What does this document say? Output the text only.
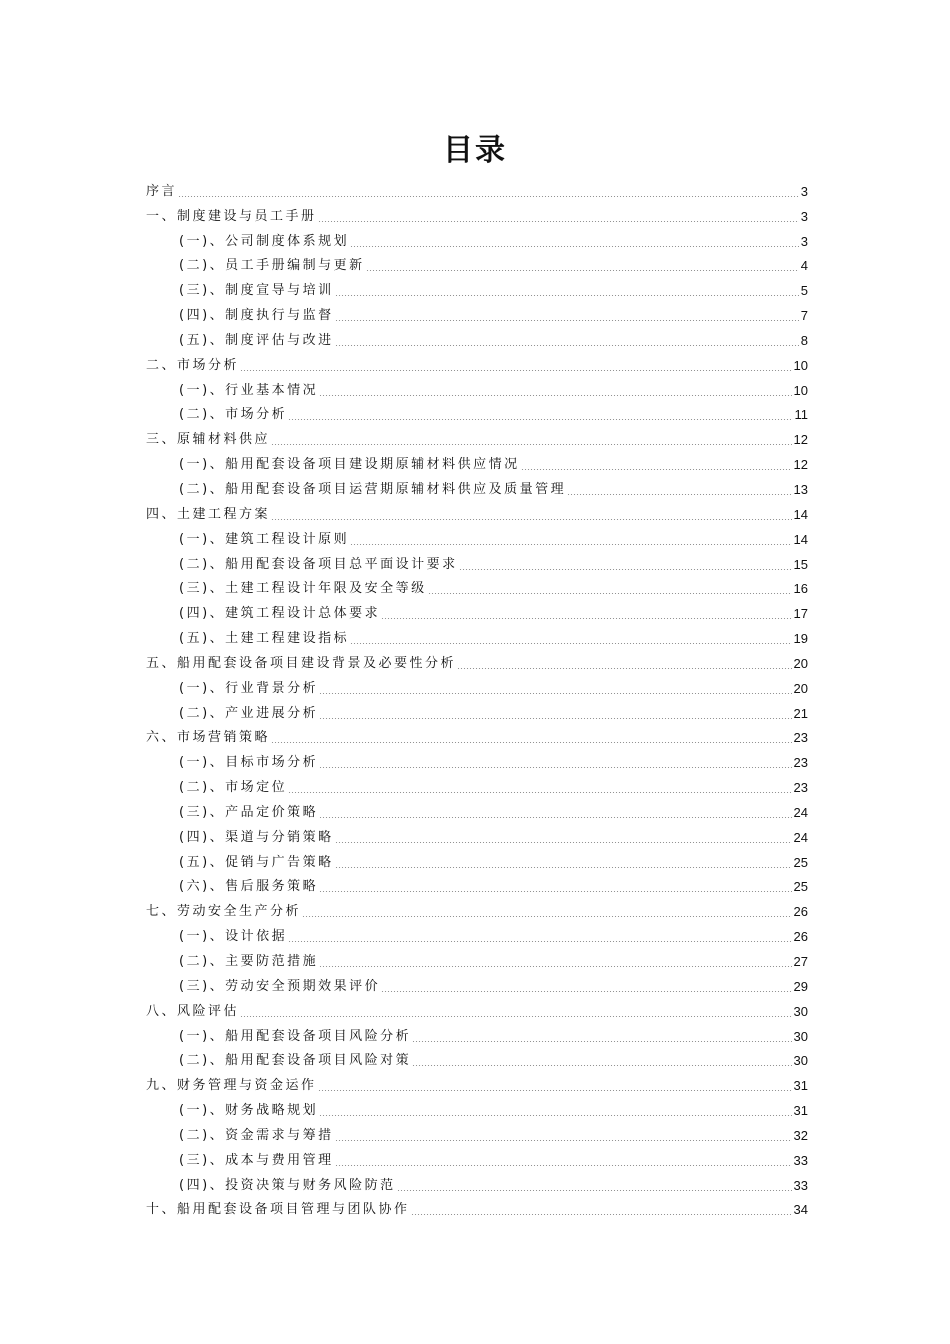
目录
序言	3
一、制度建设与员工手册	3
(一)、公司制度体系规划	3
(二)、员工手册编制与更新	4
(三)、制度宣导与培训	5
(四)、制度执行与监督	7
(五)、制度评估与改进	8
二、市场分析	10
(一)、行业基本情况	10
(二)、市场分析	11
三、原辅材料供应	12
(一)、船用配套设备项目建设期原辅材料供应情况	12
(二)、船用配套设备项目运营期原辅材料供应及质量管理	13
四、土建工程方案	14
(一)、建筑工程设计原则	14
(二)、船用配套设备项目总平面设计要求	15
(三)、土建工程设计年限及安全等级	16
(四)、建筑工程设计总体要求	17
(五)、土建工程建设指标	19
五、船用配套设备项目建设背景及必要性分析	20
(一)、行业背景分析	20
(二)、产业进展分析	21
六、市场营销策略	23
(一)、目标市场分析	23
(二)、市场定位	23
(三)、产品定价策略	24
(四)、渠道与分销策略	24
(五)、促销与广告策略	25
(六)、售后服务策略	25
七、劳动安全生产分析	26
(一)、设计依据	26
(二)、主要防范措施	27
(三)、劳动安全预期效果评价	29
八、风险评估	30
(一)、船用配套设备项目风险分析	30
(二)、船用配套设备项目风险对策	30
九、财务管理与资金运作	31
(一)、财务战略规划	31
(二)、资金需求与筹措	32
(三)、成本与费用管理	33
(四)、投资决策与财务风险防范	33
十、船用配套设备项目管理与团队协作	34
